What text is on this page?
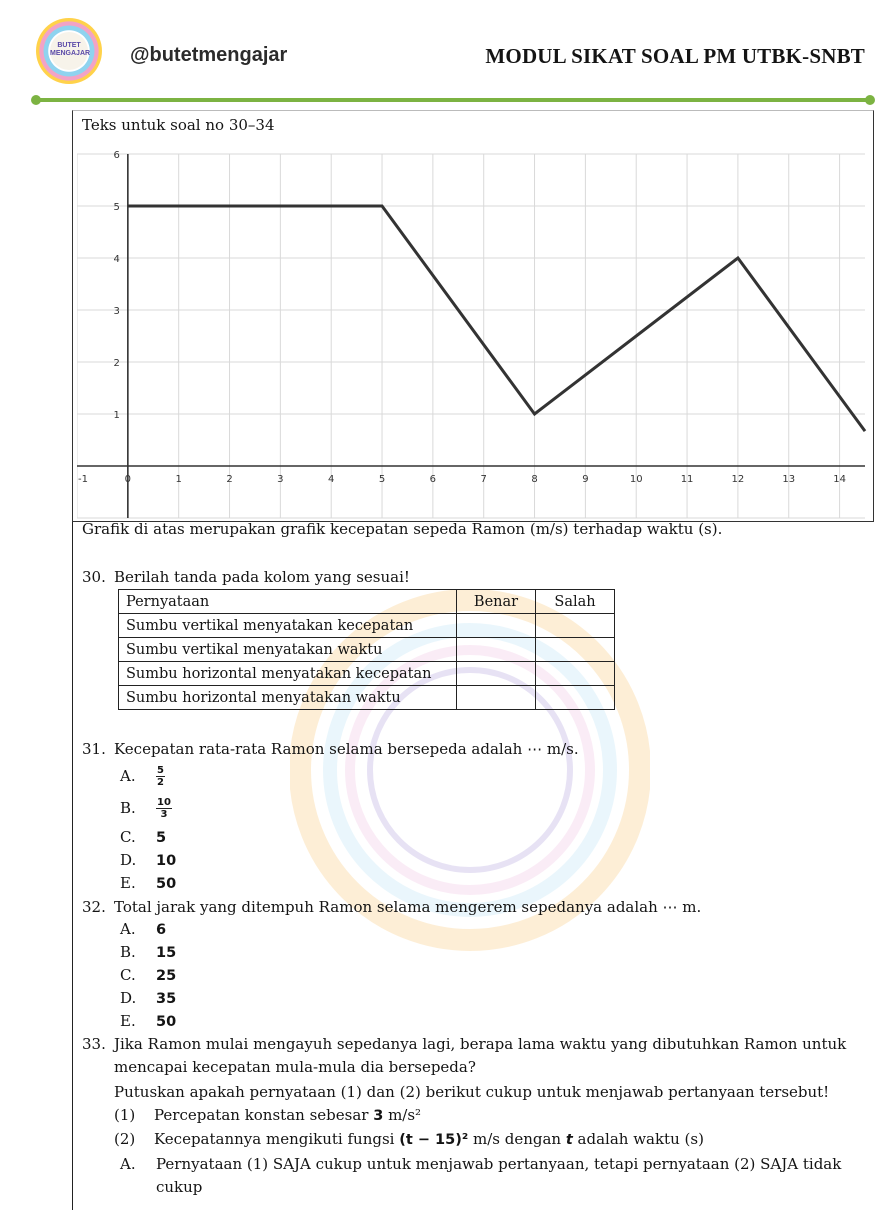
BUTET MENGAJAR @butetmengajar	MODUL SIKAT SOAL PM UTBK-SNBT
Teks untuk soal no 30–34
-1	0	1	2	3	4	5	6	7	8	9	10	11	12	13	14
1
2
3
4
5
6
Grafik di atas merupakan grafik kecepatan sepeda Ramon (m/s) terhadap waktu (s).
30. Berilah tanda pada kolom yang sesuai!
Pernyataan	Benar	Salah
Sumbu vertikal menyatakan kecepatan		
Sumbu vertikal menyatakan waktu		
Sumbu horizontal menyatakan kecepatan		
Sumbu horizontal menyatakan waktu		
31. Kecepatan rata-rata Ramon selama bersepeda adalah ⋯ m/s.
A. $\frac{5}{2}$
B. $\frac{10}{3}$
C. 5
D. 10
E. 50
32. Total jarak yang ditempuh Ramon selama mengerem sepedanya adalah ⋯ m.
A. 6
B. 15
C. 25
D. 35
E. 50
33. Jika Ramon mulai mengayuh sepedanya lagi, berapa lama waktu yang dibutuhkan Ramon untuk
mencapai kecepatan mula-mula dia bersepeda?
Putuskan apakah pernyataan (1) dan (2) berikut cukup untuk menjawab pertanyaan tersebut!
(1) Percepatan konstan sebesar 3 m/s²
(2) Kecepatannya mengikuti fungsi (t − 15)² m/s dengan t adalah waktu (s)
A. Pernyataan (1) SAJA cukup untuk menjawab pertanyaan, tetapi pernyataan (2) SAJA tidak
cukup
